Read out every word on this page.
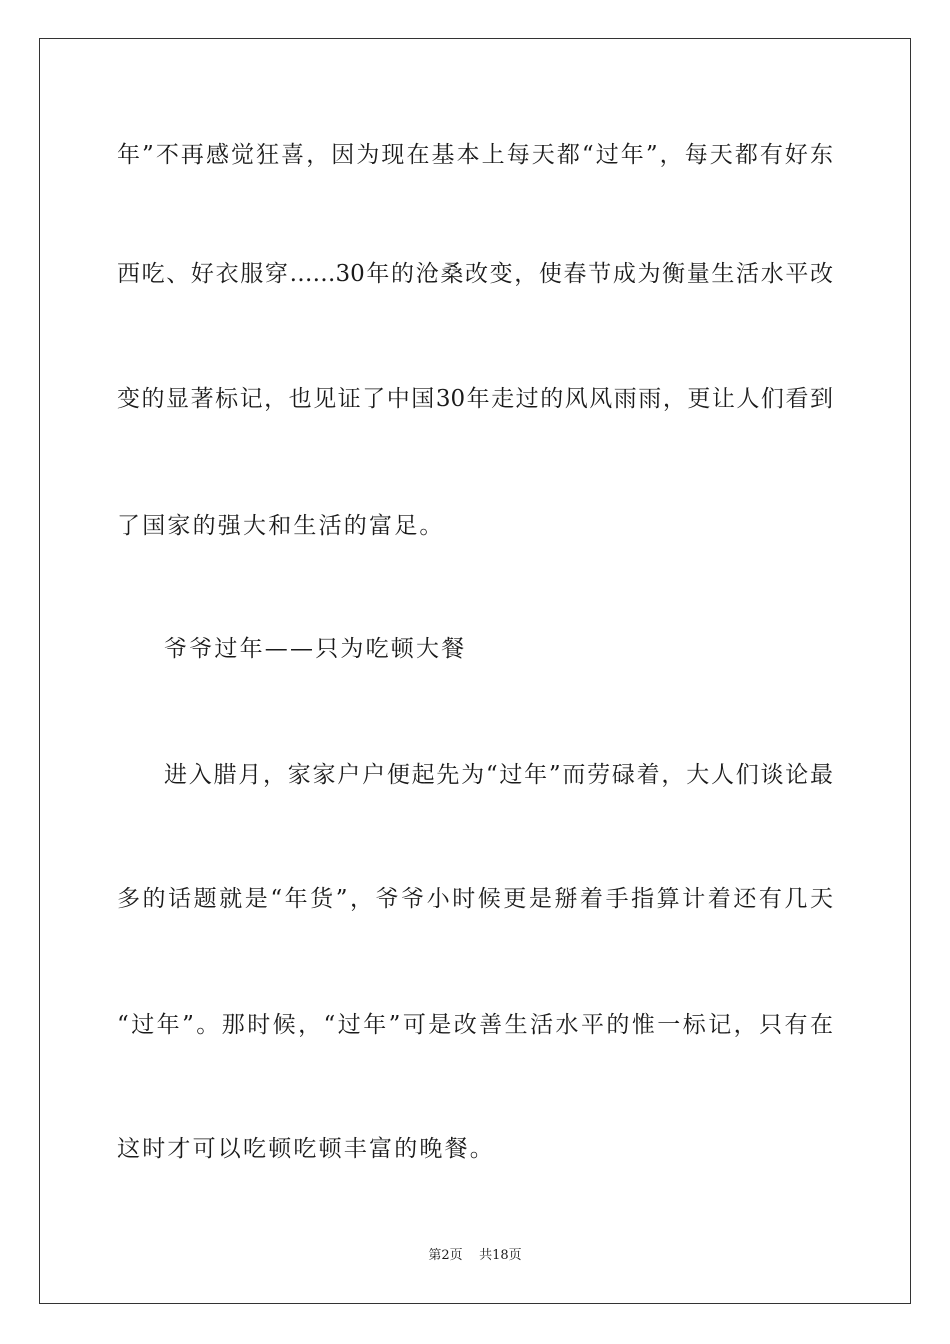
年”不再感觉狂喜，因为现在基本上每天都“过年”，每天都有好东
西吃、好衣服穿……30年的沧桑改变，使春节成为衡量生活水平改
变的显著标记，也见证了中国30年走过的风风雨雨，更让人们看到
了国家的强大和生活的富足。
爷爷过年——只为吃顿大餐
进入腊月，家家户户便起先为“过年”而劳碌着，大人们谈论最
多的话题就是“年货”，爷爷小时候更是掰着手指算计着还有几天
“过年”。那时候，“过年”可是改善生活水平的惟一标记，只有在
这时才可以吃顿吃顿丰富的晚餐。
第2页    共18页
